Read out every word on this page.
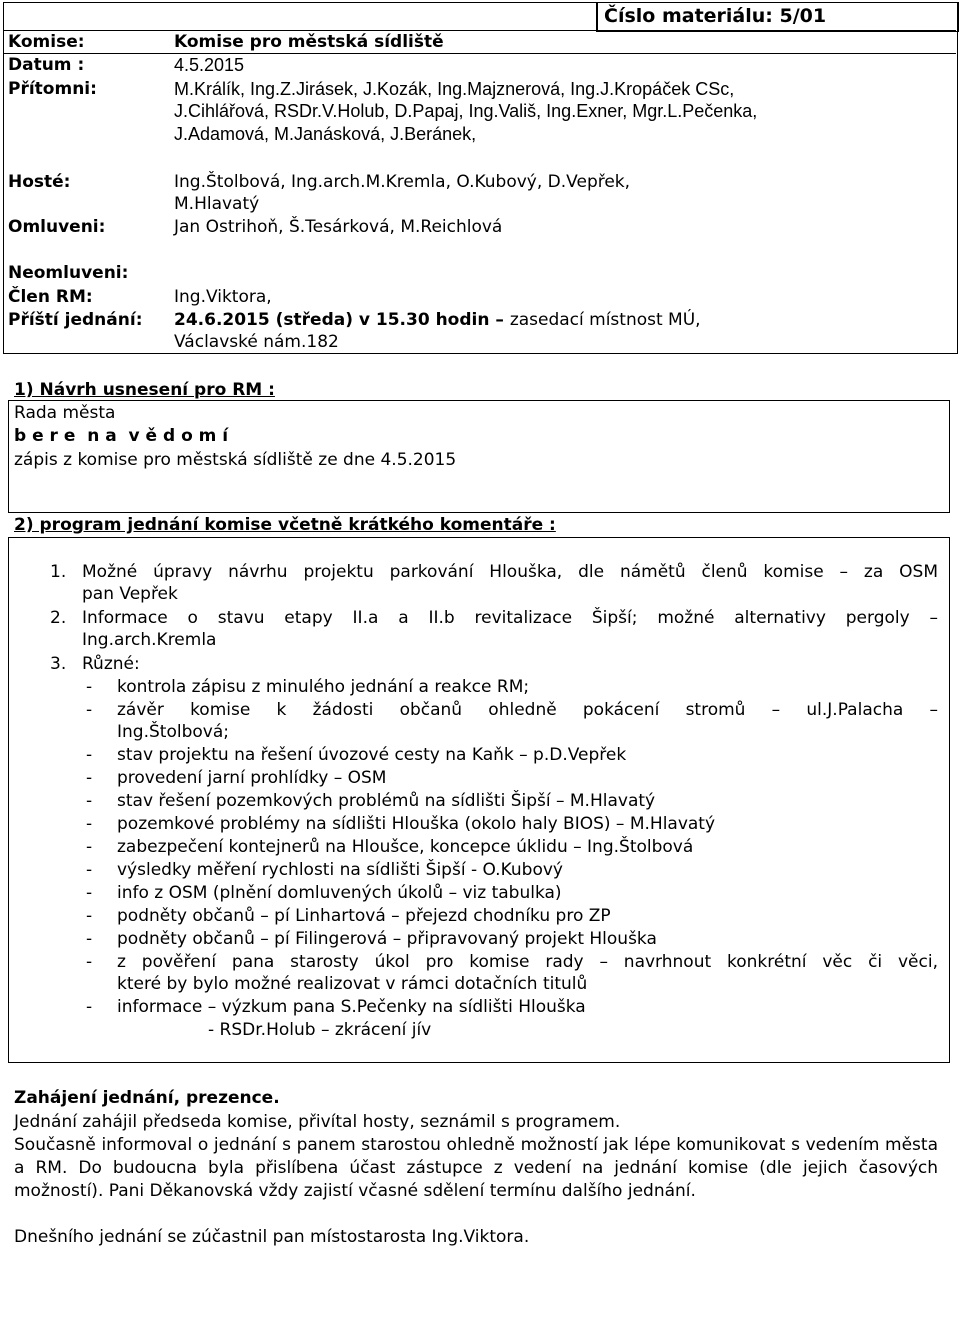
Číslo materiálu: 5/01
Komise:	Komise pro městská sídliště
Datum :	4.5.2015
Přítomni:	M.Králík, Ing.Z.Jirásek, J.Kozák, Ing.Majznerová, Ing.J.Kropáček CSc,
J.Cihlářová, RSDr.V.Holub, D.Papaj, Ing.Vališ, Ing.Exner, Mgr.L.Pečenka,
J.Adamová, M.Janásková, J.Beránek,
Hosté:	Ing.Štolbová, Ing.arch.M.Kremla, O.Kubový, D.Vepřek,
M.Hlavatý
Omluveni:	Jan Ostrihoň, Š.Tesárková, M.Reichlová
Neomluveni:
Člen RM:	Ing.Viktora,
Příští jednání: 24.6.2015 (středa) v 15.30 hodin – zasedací místnost MÚ,
Václavské nám.182
1) Návrh usnesení pro RM :
Rada města
b e r e  n a  v ě d o m í
zápis z komise pro městská sídliště ze dne 4.5.2015
2) program jednání komise včetně krátkého komentáře :
1. Možné úpravy návrhu projektu parkování Hlouška, dle námětů členů komise – za OSM
pan Vepřek
2. Informace o stavu etapy II.a a II.b revitalizace Šipší; možné alternativy pergoly –
Ing.arch.Kremla
3. Různé:
- kontrola zápisu z minulého jednání a reakce RM;
- závěr komise k žádosti občanů ohledně pokácení stromů – ul.J.Palacha –
Ing.Štolbová;
- stav projektu na řešení úvozové cesty na Kaňk – p.D.Vepřek
- provedení jarní prohlídky – OSM
- stav řešení pozemkových problémů na sídlišti Šipší – M.Hlavatý
- pozemkové problémy na sídlišti Hlouška (okolo haly BIOS) – M.Hlavatý
- zabezpečení kontejnerů na Hloušce, koncepce úklidu – Ing.Štolbová
- výsledky měření rychlosti na sídlišti Šipší - O.Kubový
- info z OSM (plnění domluvených úkolů – viz tabulka)
- podněty občanů – pí Linhartová – přejezd chodníku pro ZP
- podněty občanů – pí Filingerová – připravovaný projekt Hlouška
- z pověření pana starosty úkol pro komise rady – navrhnout konkrétní věc či věci,
které by bylo možné realizovat v rámci dotačních titulů
- informace – výzkum pana S.Pečenky na sídlišti Hlouška
- RSDr.Holub – zkrácení jív
Zahájení jednání, prezence.
Jednání zahájil předseda komise, přivítal hosty, seznámil s programem.
Současně informoval o jednání s panem starostou ohledně možností jak lépe komunikovat s vedením města a RM. Do budoucna byla přislíbena účast zástupce z vedení na jednání komise (dle jejich časových možností). Pani Děkanovská vždy zajistí včasné sdělení termínu dalšího jednání.
Dnešního jednání se zúčastnil pan místostarosta Ing.Viktora.
